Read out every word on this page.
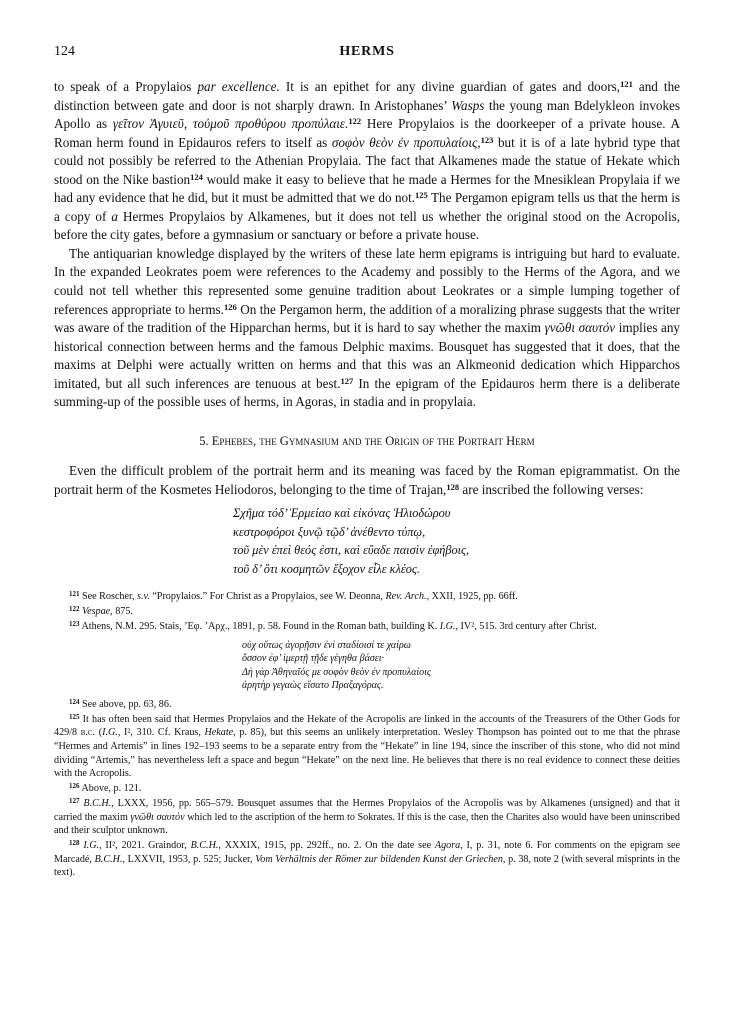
124	HERMS

to speak of a Propylaios par excellence. It is an epithet for any divine guardian of gates and doors,$^{121}$ and the distinction between gate and door is not sharply drawn. In Aristophanes’ Wasps the young man Bdelykleon invokes Apollo as γεῖτον Ἀγυιεῦ, τοὐμοῦ προθύρου προπύλαιε.$^{122}$ Here Propylaios is the doorkeeper of a private house. A Roman herm found in Epidauros refers to itself as σοφὸν θεὸν ἐν προπυλαίοις,$^{123}$ but it is of a late hybrid type that could not possibly be referred to the Athenian Propylaia. The fact that Alkamenes made the statue of Hekate which stood on the Nike bastion$^{124}$ would make it easy to believe that he made a Hermes for the Mnesiklean Propylaia if we had any evidence that he did, but it must be admitted that we do not.$^{125}$ The Pergamon epigram tells us that the herm is a copy of a Hermes Propylaios by Alkamenes, but it does not tell us whether the original stood on the Acropolis, before the city gates, before a gymnasium or sanctuary or before a private house.

The antiquarian knowledge displayed by the writers of these late herm epigrams is intriguing but hard to evaluate. In the expanded Leokrates poem were references to the Academy and possibly to the Herms of the Agora, and we could not tell whether this represented some genuine tradition about Leokrates or a simple lumping together of references appropriate to herms.$^{126}$ On the Pergamon herm, the addition of a moralizing phrase suggests that the writer was aware of the tradition of the Hipparchan herms, but it is hard to say whether the maxim γνῶθι σαυτόν implies any historical connection between herms and the famous Delphic maxims. Bousquet has suggested that it does, that the maxims at Delphi were actually written on herms and that this was an Alkmeonid dedication which Hipparchos imitated, but all such inferences are tenuous at best.$^{127}$ In the epigram of the Epidauros herm there is a deliberate summing-up of the possible uses of herms, in Agoras, in stadia and in propylaia.

5. Ephebes, the Gymnasium and the Origin of the Portrait Herm

Even the difficult problem of the portrait herm and its meaning was faced by the Roman epigrammatist. On the portrait herm of the Kosmetes Heliodoros, belonging to the time of Trajan,$^{128}$ are inscribed the following verses:

Σχῆμα τόδ’ Ἑρμείαο καὶ εἰκόνας Ἡλιοδώρου
κεστροφόροι ξυνῷ τῷδ’ ἀνέθεντο τύπῳ,
τοῦ μὲν ἐπεὶ θεός ἐστι, καὶ εὔαδε παισὶν ἐφήβοις,
τοῦ δ’ ὅτι κοσμητῶν ἔξοχον εἶλε κλέος.

$^{121}$ See Roscher, s.v. “Propylaios.” For Christ as a Propylaios, see W. Deonna, Rev. Arch., XXII, 1925, pp. 66ff.

$^{122}$ Vespae, 875.

$^{123}$ Athens, N.M. 295. Stais, ’Εφ. ’Αρχ., 1891, p. 58. Found in the Roman bath, building K. I.G., IV², 515. 3rd century after Christ.

οὐχ οὕτως ἀγορῇσιν ἐνὶ σταδίοισί τε χαίρω
ὅσσον ἐφ’ ἱμερτῇ τῇδε γέγηθα βάσει·
Δὴ γὰρ Ἀθηναῖός με σοφὸν θεὸν ἐν προπυλαίοις
ἀρητὴρ γεγαὼς εἵσατο Πραξαγόρας.

$^{124}$ See above, pp. 63, 86.

$^{125}$ It has often been said that Hermes Propylaios and the Hekate of the Acropolis are linked in the accounts of the Treasurers of the Other Gods for 429/8 b.c. (I.G., I², 310. Cf. Kraus, Hekate, p. 85), but this seems an unlikely interpretation. Wesley Thompson has pointed out to me that the phrase “Hermes and Artemis” in lines 192–193 seems to be a separate entry from the “Hekate” in line 194, since the inscriber of this stone, who did not mind dividing “Artemis,” has nevertheless left a space and begun “Hekate” on the next line. He believes that there is no real evidence to connect these deities with the Acropolis.

$^{126}$ Above, p. 121.

$^{127}$ B.C.H., LXXX, 1956, pp. 565–579. Bousquet assumes that the Hermes Propylaios of the Acropolis was by Alkamenes (unsigned) and that it carried the maxim γνῶθι σαυτόν which led to the ascription of the herm to Sokrates. If this is the case, then the Charites also would have been uninscribed and their sculptor unknown.

$^{128}$ I.G., II², 2021. Graindor, B.C.H., XXXIX, 1915, pp. 292ff., no. 2. On the date see Agora, I, p. 31, note 6. For comments on the epigram see Marcadé, B.C.H., LXXVII, 1953, p. 525; Jucker, Vom Verhältnis der Römer zur bildenden Kunst der Griechen, p. 38, note 2 (with several misprints in the text).
